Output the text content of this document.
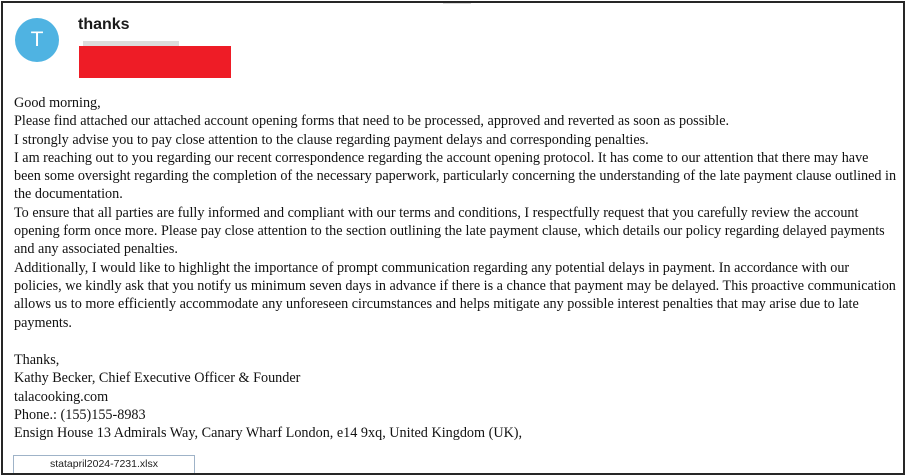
T
thanks

Good morning,

Please find attached our attached account opening forms that need to be processed, approved and reverted as soon as possible.

I strongly advise you to pay close attention to the clause regarding payment delays and corresponding penalties.

I am reaching out to you regarding our recent correspondence regarding the account opening protocol. It has come to our attention that there may have been some oversight regarding the completion of the necessary paperwork, particularly concerning the understanding of the late payment clause outlined in the documentation.

To ensure that all parties are fully informed and compliant with our terms and conditions, I respectfully request that you carefully review the account opening form once more. Please pay close attention to the section outlining the late payment clause, which details our policy regarding delayed payments and any associated penalties.

Additionally, I would like to highlight the importance of prompt communication regarding any potential delays in payment. In accordance with our policies, we kindly ask that you notify us minimum seven days in advance if there is a chance that payment may be delayed. This proactive communication allows us to more efficiently accommodate any unforeseen circumstances and helps mitigate any possible interest penalties that may arise due to late payments.

Thanks,

Kathy Becker, Chief Executive Officer & Founder

talacooking.com

Phone.: (155)155-8983

Ensign House 13 Admirals Way, Canary Wharf London, e14 9xq, United Kingdom (UK),

statapril2024-7231.xlsx
